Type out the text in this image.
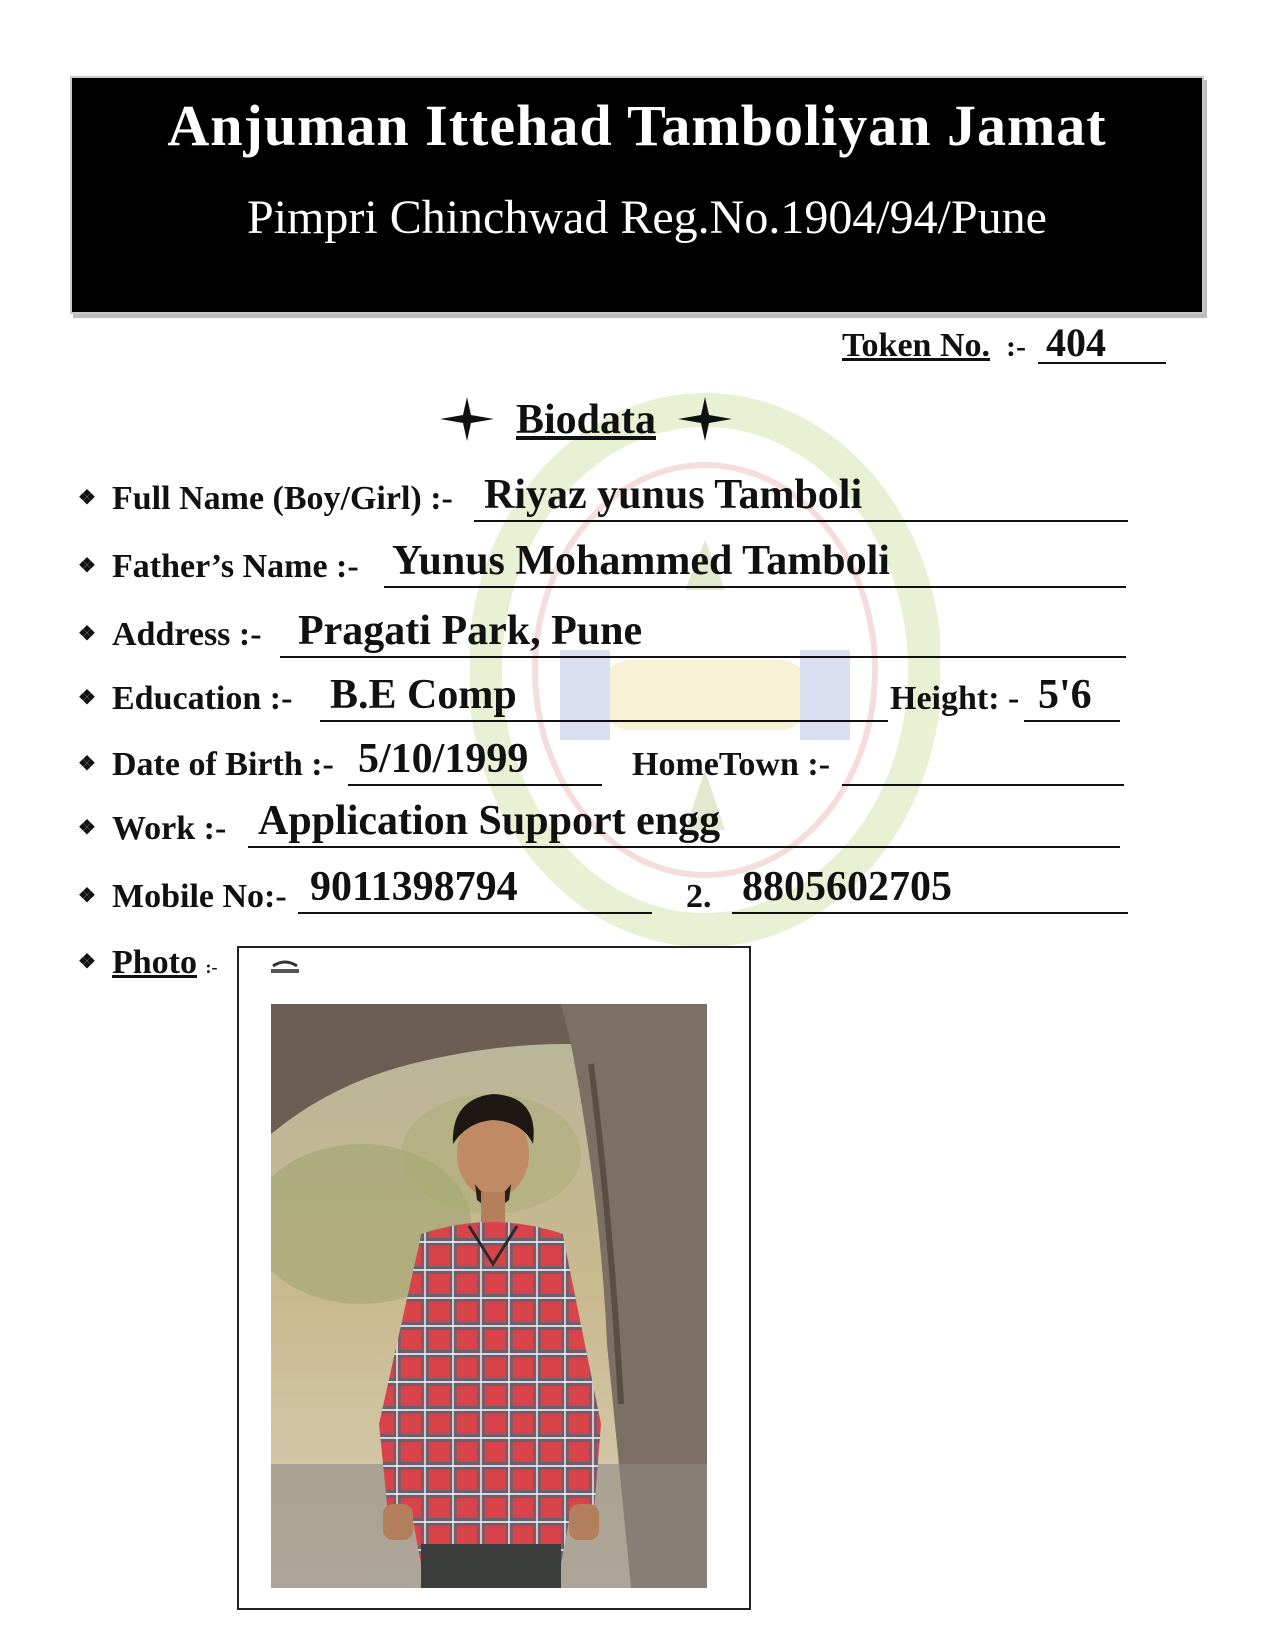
Anjuman Ittehad Tamboliyan Jamat
Pimpri Chinchwad Reg.No.1904/94/Pune
Token No. :- 404
Biodata
❖ Full Name (Boy/Girl) :- Riyaz yunus Tamboli
❖ Father’s Name :- Yunus Mohammed Tamboli
❖ Address :- Pragati Park, Pune
❖ Education :- B.E Comp	Height: - 5'6
❖ Date of Birth :- 5/10/1999	HomeTown :-
❖ Work :- Application Support engg
❖ Mobile No:- 9011398794	2. 8805602705
❖ Photo :-
